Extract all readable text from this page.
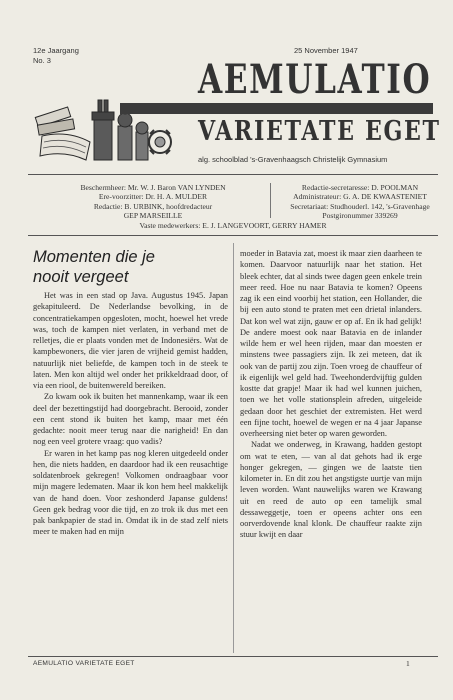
12e Jaargang
No. 3
25 November 1947
AEMULATIO
VARIETATE EGET
alg. schoolblad 's-Gravenhaagsch Christelijk Gymnasium
Beschermheer: Mr. W. J. Baron VAN LYNDEN
Ere-voorzitter: Dr. H. A. MULDER
Redactie: B. URBINK, hoofdredacteur
GEP MARSEILLE
Redactie-secretaresse: D. POOLMAN
Administrateur: G. A. DE KWAASTENIET
Secretariaat: Studhouderl. 142, 's-Gravenhage
Postgironummer 339269
Vaste medewerkers: E. J. LANGEVOORT, GERRY HAMER
Momenten die je
nooit vergeet

Het was in een stad op Java. Augustus 1945. Japan gekapituleerd. De Nederlandse bevolking, in de concentratiekampen opgesloten, mocht, hoewel het vrede was, toch de kampen niet verlaten, in verband met de relletjes, die er plaats vonden met de Indonesiërs. Wat de kampbewoners, die vier jaren de vrijheid gemist hadden, natuurlijk niet beliefde, de kampen toch in de steek te laten. Men kon altijd wel onder het prikkeldraad door, of via een riool, de buitenwereld bereiken.

Zo kwam ook ik buiten het mannenkamp, waar ik een deel der bezettingstijd had doorgebracht. Berooid, zonder een cent stond ik buiten het kamp, maar met één gedachte: nooit meer terug naar die narigheid! En dan nog een veel grotere vraag: quo vadis?

Er waren in het kamp pas nog kleren uitgedeeld onder hen, die niets hadden, en daardoor had ik een reusachtige soldatenbroek gekregen! Volkomen ondraagbaar voor mijn magere ledematen. Maar ik kon hem heel makkelijk van de hand doen. Voor zeshonderd Japanse guldens! Geen gek bedrag voor die tijd, en zo trok ik dus met een pak bankpapier de stad in. Omdat ik in de stad zelf niets meer te maken had en mijn

moeder in Batavia zat, moest ik maar zien daarheen te komen. Daarvoor natuurlijk naar het station. Het bleek echter, dat al sinds twee dagen geen enkele trein meer reed. Hoe nu naar Batavia te komen? Opeens zag ik een eind voorbij het station, een Hollander, die bij een auto stond te praten met een drietal inlanders. Dat kon wel wat zijn, gauw er op af. En ik had gelijk! De andere moest ook naar Batavia en de inlander wilde hem er wel heen rijden, maar dan moesten er minstens twee passagiers zijn. Ik zei meteen, dat ik ook van de partij zou zijn. Toen vroeg de chauffeur of ik eigenlijk wel geld had. Tweehonderdvijftig gulden kostte dat grapje! Maar ik had wel kunnen juichen, toen we het volle stationsplein afreden, uitgeleide gedaan door het geschiet der extremisten. Het werd een fijne tocht, hoewel de wegen er na 4 jaar Japanse overheersing niet beter op waren geworden.

Nadat we onderweg, in Krawang, hadden gestopt om wat te eten, — van al dat gehots had ik erge honger gekregen, — gingen we de laatste tien kilometer in. En dit zou het angstigste uurtje van mijn leven worden. Want nauwelijks waren we Krawang uit en reed de auto op een tamelijk smal dessaweggetje, toen er opeens achter ons een oorverdovende knal klonk. De chauffeur raakte zijn stuur kwijt en daar

AEMULATIO VARIETATE EGET	1
